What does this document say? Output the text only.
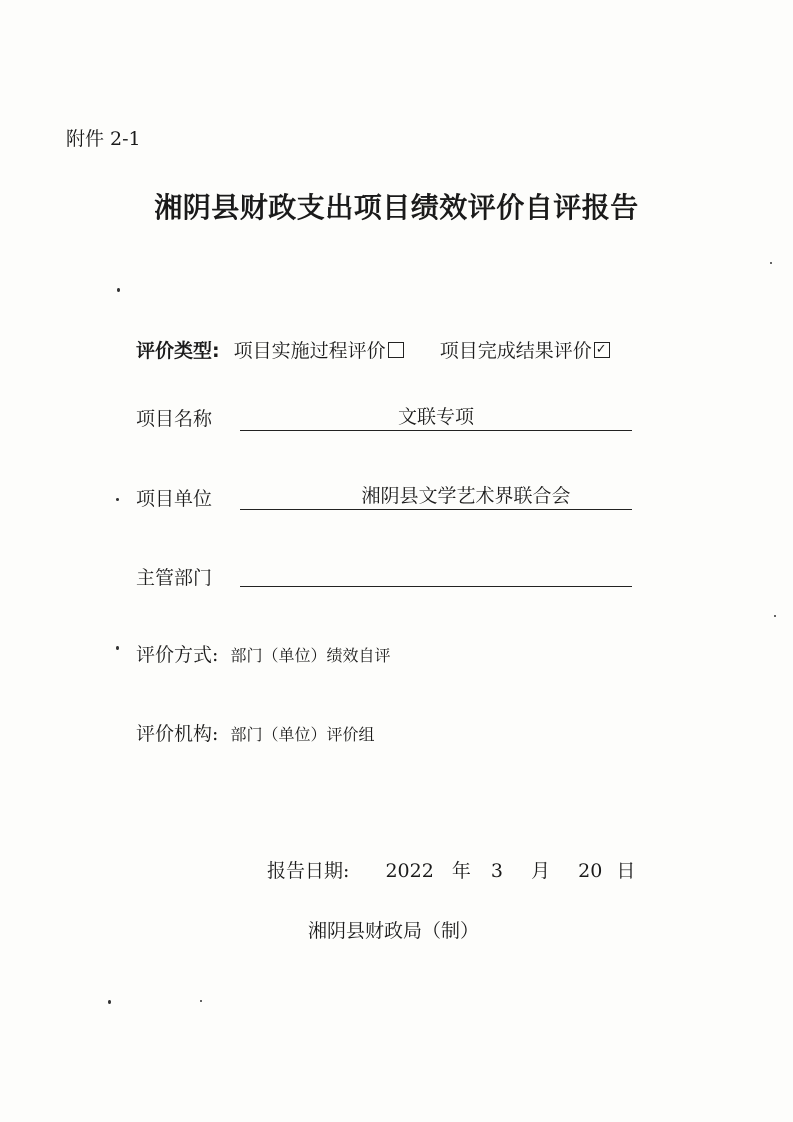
附件 2-1
湘阴县财政支出项目绩效评价自评报告
评价类型: 项目实施过程评价	项目完成结果评价 ✓
项目名称	文联专项
项目单位	湘阴县文学艺术界联合会
主管部门
评价方式: 部门（单位）绩效自评
评价机构: 部门（单位）评价组
报告日期: 2022 年 3 月 20 日
湘阴县财政局（制）
